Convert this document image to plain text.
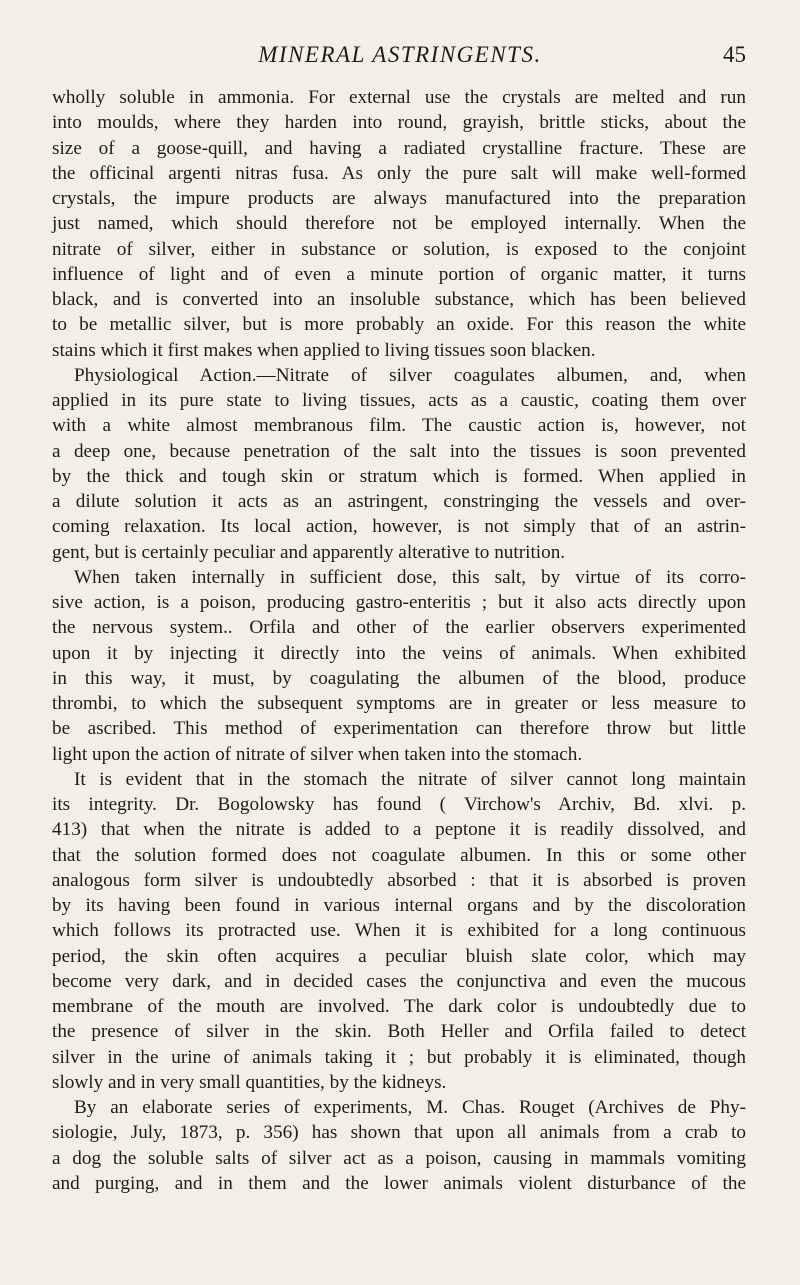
MINERAL ASTRINGENTS.	45
wholly soluble in ammonia. For external use the crystals are melted and run
into moulds, where they harden into round, grayish, brittle sticks, about the
size of a goose-quill, and having a radiated crystalline fracture. These are
the officinal argenti nitras fusa. As only the pure salt will make well-formed
crystals, the impure products are always manufactured into the preparation
just named, which should therefore not be employed internally. When the
nitrate of silver, either in substance or solution, is exposed to the conjoint
influence of light and of even a minute portion of organic matter, it turns
black, and is converted into an insoluble substance, which has been believed
to be metallic silver, but is more probably an oxide. For this reason the white
stains which it first makes when applied to living tissues soon blacken.
Physiological Action.—Nitrate of silver coagulates albumen, and, when
applied in its pure state to living tissues, acts as a caustic, coating them over
with a white almost membranous film. The caustic action is, however, not
a deep one, because penetration of the salt into the tissues is soon prevented
by the thick and tough skin or stratum which is formed. When applied in
a dilute solution it acts as an astringent, constringing the vessels and over-
coming relaxation. Its local action, however, is not simply that of an astrin-
gent, but is certainly peculiar and apparently alterative to nutrition.
When taken internally in sufficient dose, this salt, by virtue of its corro-
sive action, is a poison, producing gastro-enteritis ; but it also acts directly upon
the nervous system.. Orfila and other of the earlier observers experimented
upon it by injecting it directly into the veins of animals. When exhibited
in this way, it must, by coagulating the albumen of the blood, produce
thrombi, to which the subsequent symptoms are in greater or less measure to
be ascribed. This method of experimentation can therefore throw but little
light upon the action of nitrate of silver when taken into the stomach.
It is evident that in the stomach the nitrate of silver cannot long maintain
its integrity. Dr. Bogolowsky has found ( Virchow's Archiv, Bd. xlvi. p.
413) that when the nitrate is added to a peptone it is readily dissolved, and
that the solution formed does not coagulate albumen. In this or some other
analogous form silver is undoubtedly absorbed : that it is absorbed is proven
by its having been found in various internal organs and by the discoloration
which follows its protracted use. When it is exhibited for a long continuous
period, the skin often acquires a peculiar bluish slate color, which may
become very dark, and in decided cases the conjunctiva and even the mucous
membrane of the mouth are involved. The dark color is undoubtedly due to
the presence of silver in the skin. Both Heller and Orfila failed to detect
silver in the urine of animals taking it ; but probably it is eliminated, though
slowly and in very small quantities, by the kidneys.
By an elaborate series of experiments, M. Chas. Rouget (Archives de Phy-
siologie, July, 1873, p. 356) has shown that upon all animals from a crab to
a dog the soluble salts of silver act as a poison, causing in mammals vomiting
and purging, and in them and the lower animals violent disturbance of the
